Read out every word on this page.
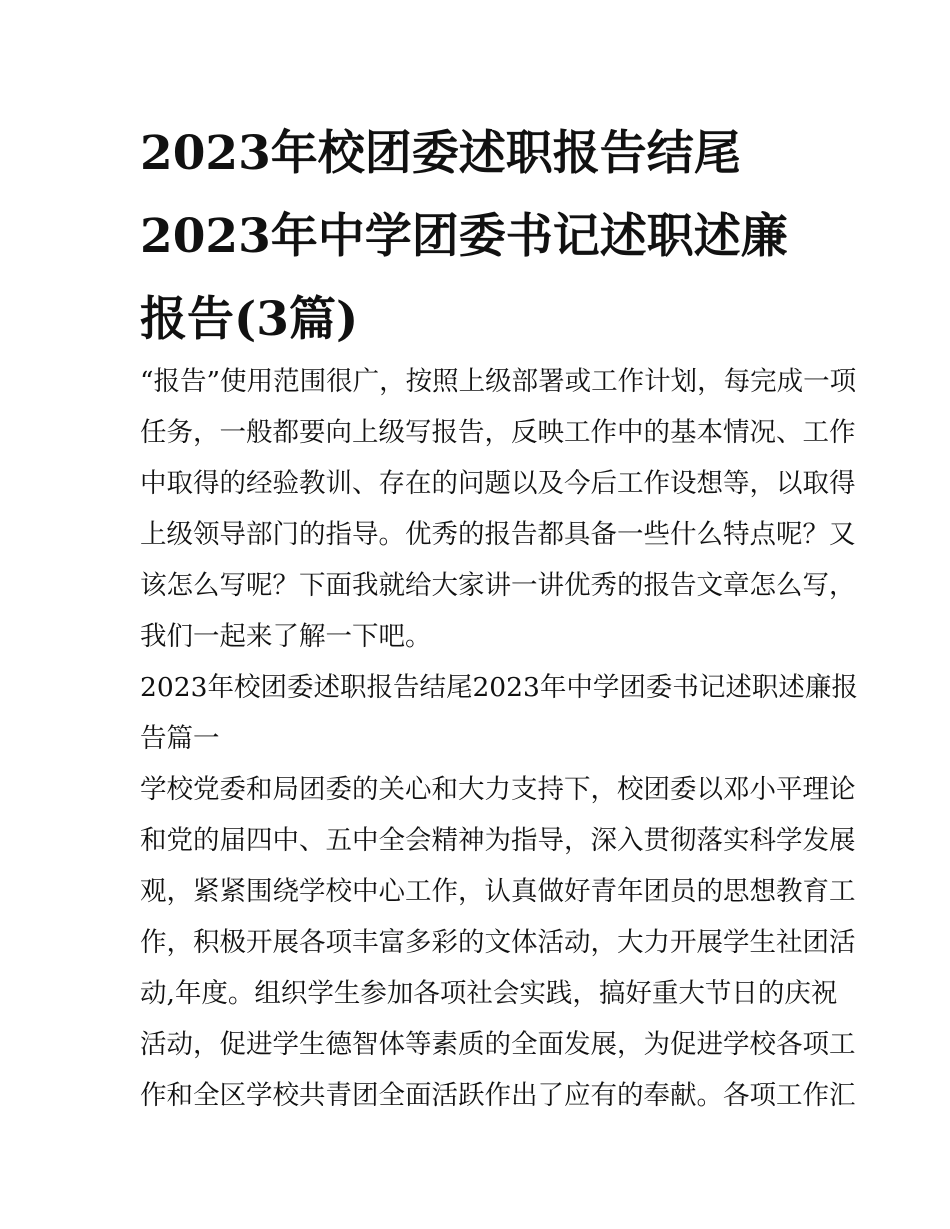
2023年校团委述职报告结尾
2023年中学团委书记述职述廉
报告(3篇)

“报告”使用范围很广，按照上级部署或工作计划，每完成一项
任务，一般都要向上级写报告，反映工作中的基本情况、工作
中取得的经验教训、存在的问题以及今后工作设想等，以取得
上级领导部门的指导。优秀的报告都具备一些什么特点呢？又
该怎么写呢？下面我就给大家讲一讲优秀的报告文章怎么写，
我们一起来了解一下吧。

2023年校团委述职报告结尾2023年中学团委书记述职述廉报
告篇一

学校党委和局团委的关心和大力支持下，校团委以邓小平理论
和党的届四中、五中全会精神为指导，深入贯彻落实科学发展
观，紧紧围绕学校中心工作，认真做好青年团员的思想教育工
作，积极开展各项丰富多彩的文体活动，大力开展学生社团活
动,年度。组织学生参加各项社会实践，搞好重大节日的庆祝
活动，促进学生德智体等素质的全面发展，为促进学校各项工
作和全区学校共青团全面活跃作出了应有的奉献。各项工作汇
